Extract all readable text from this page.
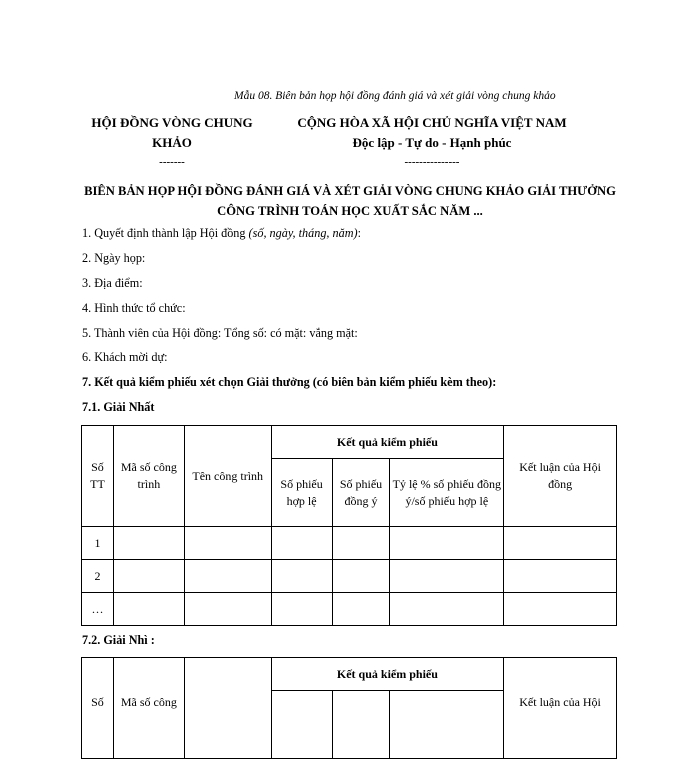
Mẫu 08. Biên bản họp hội đồng đánh giá và xét giải vòng chung khảo
HỘI ĐỒNG VÒNG CHUNG KHẢO
-------
CỘNG HÒA XÃ HỘI CHỦ NGHĨA VIỆT NAM
Độc lập - Tự do - Hạnh phúc
---------------
BIÊN BẢN HỌP HỘI ĐỒNG ĐÁNH GIÁ VÀ XÉT GIẢI VÒNG CHUNG KHẢO GIẢI THƯỞNG CÔNG TRÌNH TOÁN HỌC XUẤT SẮC NĂM ...
1. Quyết định thành lập Hội đồng (số, ngày, tháng, năm):
2. Ngày họp:
3. Địa điểm:
4. Hình thức tổ chức:
5. Thành viên của Hội đồng: Tổng số: có mặt: vắng mặt:
6. Khách mời dự:
7. Kết quả kiểm phiếu xét chọn Giải thưởng (có biên bản kiểm phiếu kèm theo):
7.1. Giải Nhất
Số TT	Mã số công trình	Tên công trình	Kết quả kiểm phiếu			Kết luận của Hội đồng
			Số phiếu hợp lệ	Số phiếu đồng ý	Tỷ lệ % số phiếu đồng ý/số phiếu hợp lệ	
1						
2						
…						
7.2. Giải Nhì :
Số	Mã số công		Kết quả kiểm phiếu			Kết luận của Hội
